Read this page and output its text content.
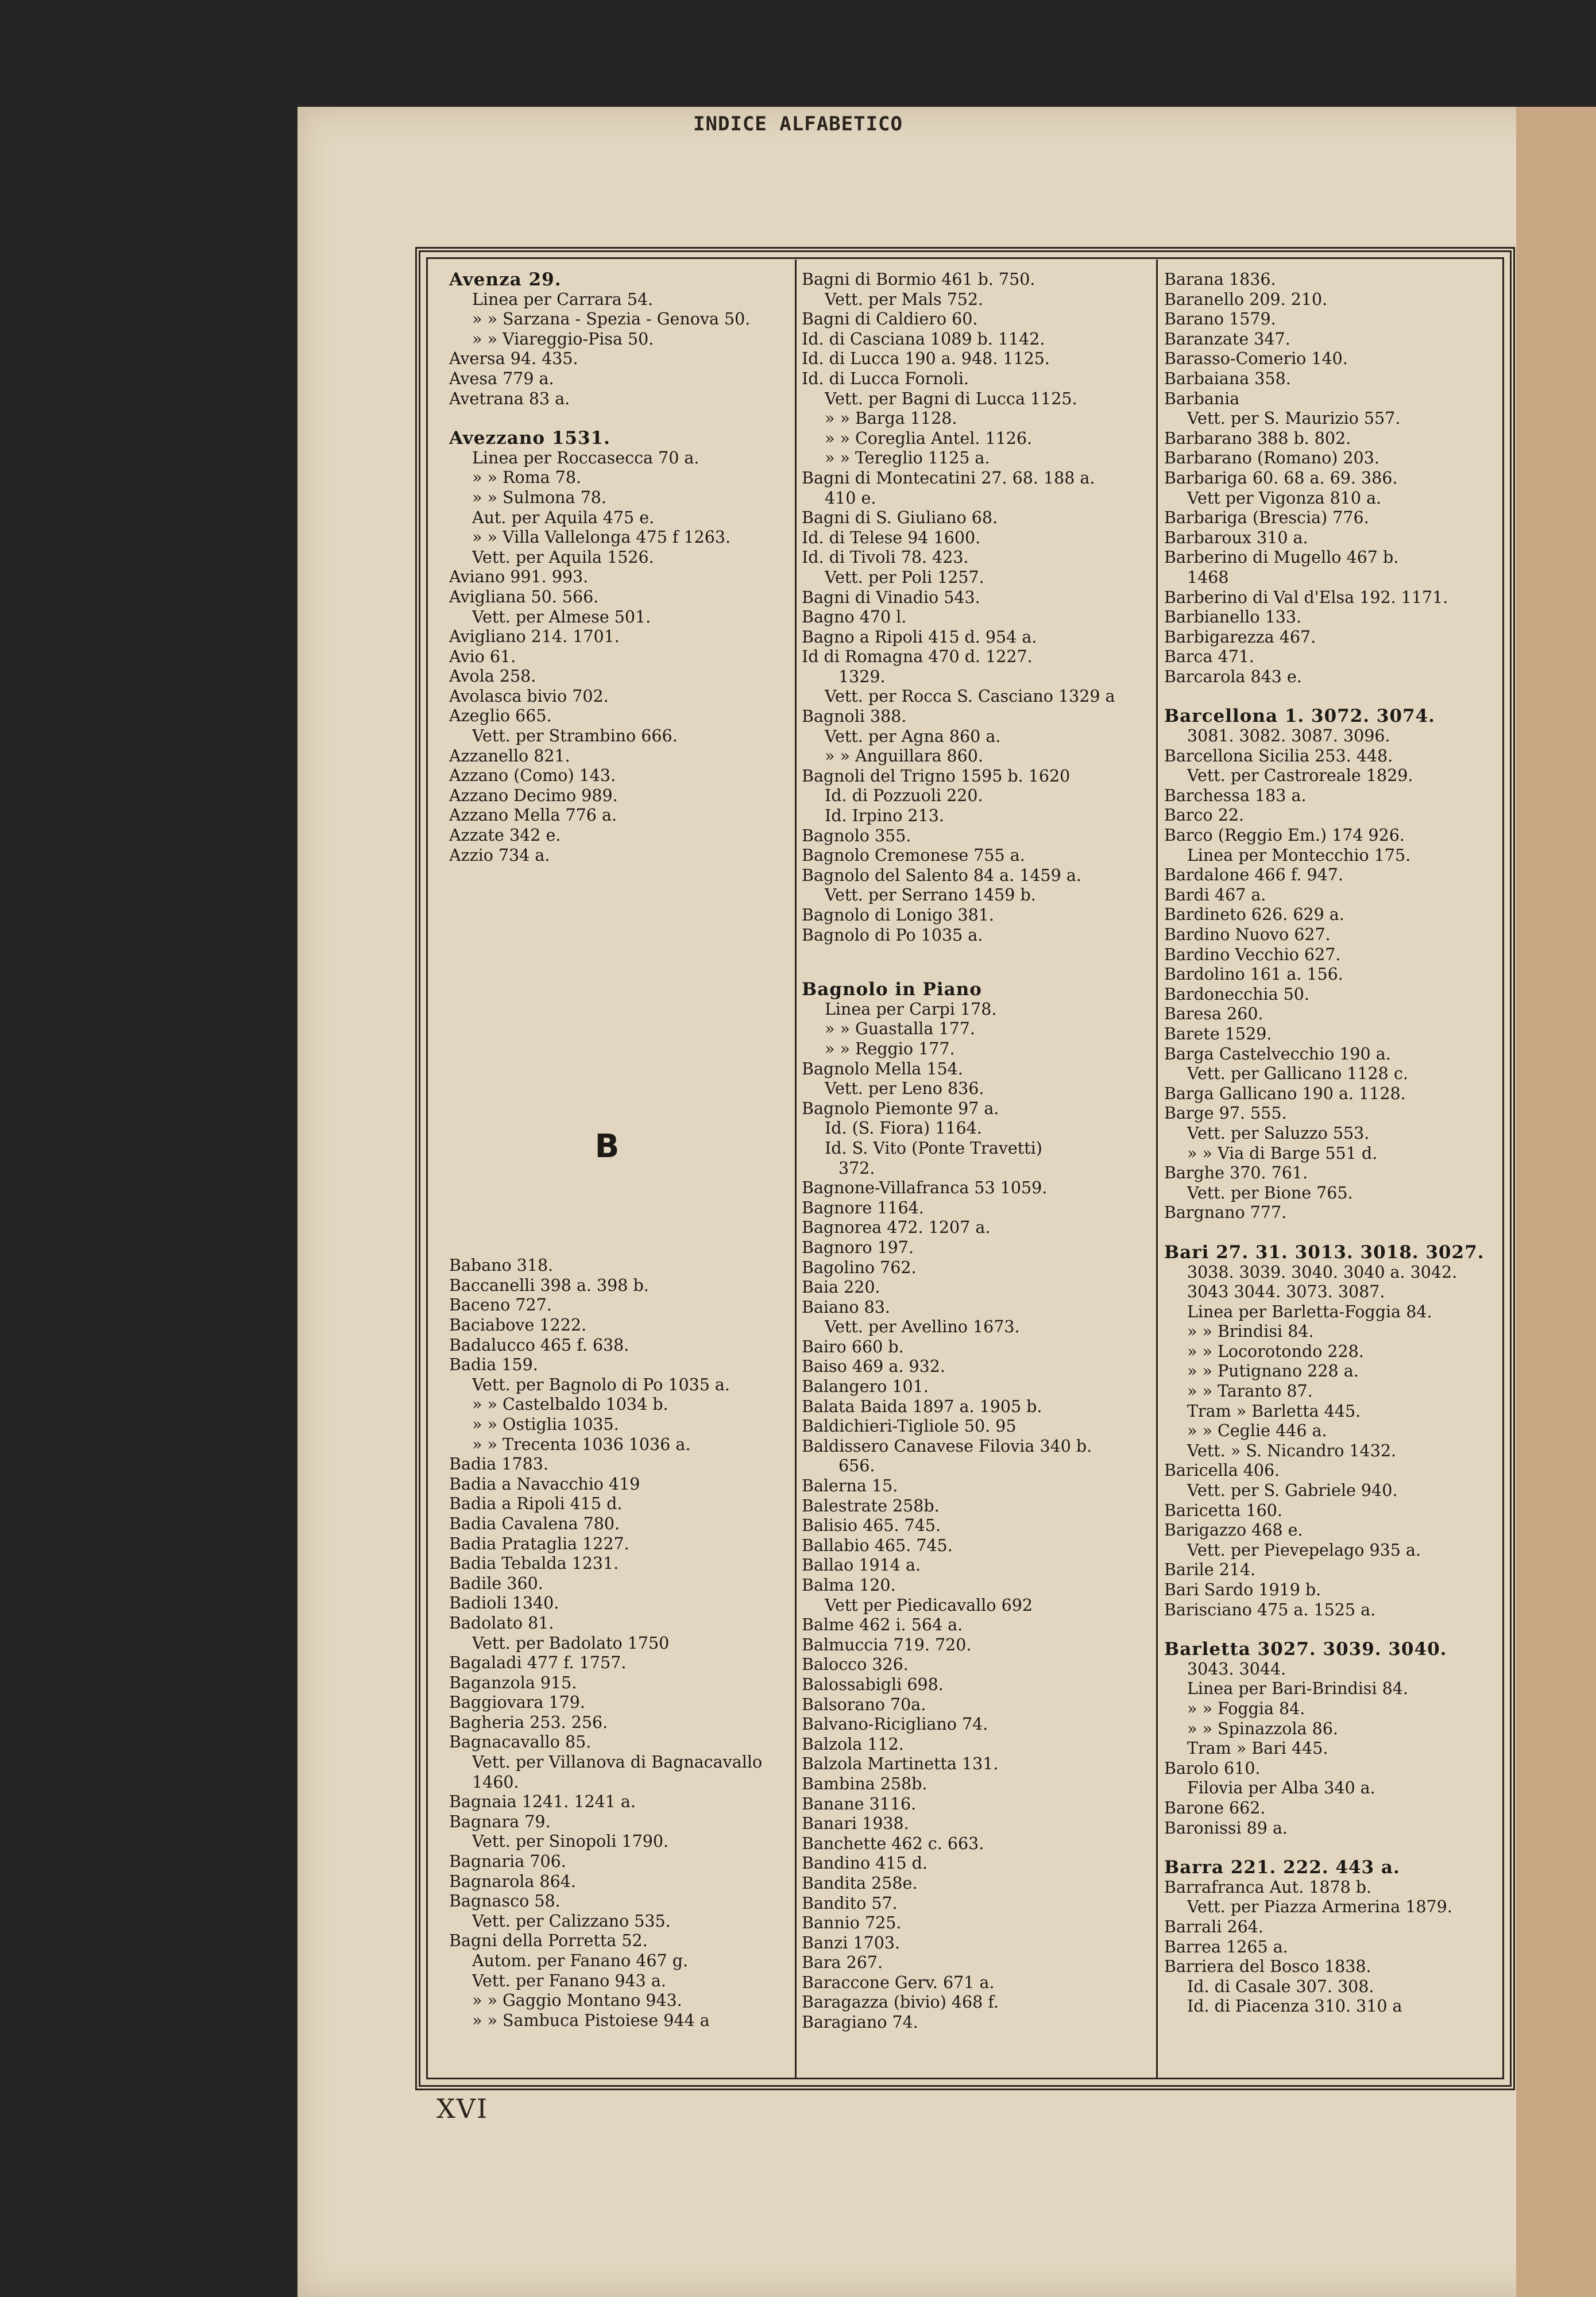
INDICE ALFABETICO
Avenza 29.
Linea per Carrara 54.
» » Sarzana - Spezia - Genova 50.
» » Viareggio-Pisa 50.
Aversa 94. 435.
Avesa 779 a.
Avetrana 83 a.
Avezzano 1531.
Linea per Roccasecca 70 a.
» » Roma 78.
» » Sulmona 78.
Aut. per Aquila 475 e.
» » Villa Vallelonga 475 f 1263.
Vett. per Aquila 1526.
Aviano 991. 993.
Avigliana 50. 566.
Vett. per Almese 501.
Avigliano 214. 1701.
Avio 61.
Avola 258.
Avolasca bivio 702.
Azeglio 665.
Vett. per Strambino 666.
Azzanello 821.
Azzano (Como) 143.
Azzano Decimo 989.
Azzano Mella 776 a.
Azzate 342 e.
Azzio 734 a.
B
Babano 318.
Baccanelli 398 a. 398 b.
Baceno 727.
Baciabove 1222.
Badalucco 465 f. 638.
Badia 159.
Vett. per Bagnolo di Po 1035 a.
» » Castelbaldo 1034 b.
» » Ostiglia 1035.
» » Trecenta 1036 1036 a.
Badia 1783.
Badia a Navacchio 419
Badia a Ripoli 415 d.
Badia Cavalena 780.
Badia Prataglia 1227.
Badia Tebalda 1231.
Badile 360.
Badioli 1340.
Badolato 81.
Vett. per Badolato 1750
Bagaladi 477 f. 1757.
Baganzola 915.
Baggiovara 179.
Bagheria 253. 256.
Bagnacavallo 85.
Vett. per Villanova di Bagnacavallo 1460.
Bagnaia 1241. 1241 a.
Bagnara 79.
Vett. per Sinopoli 1790.
Bagnaria 706.
Bagnarola 864.
Bagnasco 58.
Vett. per Calizzano 535.
Bagni della Porretta 52.
Autom. per Fanano 467 g.
Vett. per Fanano 943 a.
» » Gaggio Montano 943.
» » Sambuca Pistoiese 944 a
Bagni di Bormio 461 b. 750.
Vett. per Mals 752.
Bagni di Caldiero 60.
Id. di Casciana 1089 b. 1142.
Id. di Lucca 190 a. 948. 1125.
Id. di Lucca Fornoli.
Vett. per Bagni di Lucca 1125.
» » Barga 1128.
» » Coreglia Antel. 1126.
» » Tereglio 1125 a.
Bagni di Montecatini 27. 68. 188 a.
410 e.
Bagni di S. Giuliano 68.
Id. di Telese 94 1600.
Id. di Tivoli 78. 423.
Vett. per Poli 1257.
Bagni di Vinadio 543.
Bagno 470 l.
Bagno a Ripoli 415 d. 954 a.
Id di Romagna 470 d. 1227.
1329.
Vett. per Rocca S. Casciano 1329 a
Bagnoli 388.
Vett. per Agna 860 a.
» » Anguillara 860.
Bagnoli del Trigno 1595 b. 1620
Id. di Pozzuoli 220.
Id. Irpino 213.
Bagnolo 355.
Bagnolo Cremonese 755 a.
Bagnolo del Salento 84 a. 1459 a.
Vett. per Serrano 1459 b.
Bagnolo di Lonigo 381.
Bagnolo di Po 1035 a.
Bagnolo in Piano
Linea per Carpi 178.
» » Guastalla 177.
» » Reggio 177.
Bagnolo Mella 154.
Vett. per Leno 836.
Bagnolo Piemonte 97 a.
Id. (S. Fiora) 1164.
Id. S. Vito (Ponte Travetti)
372.
Bagnone-Villafranca 53 1059.
Bagnore 1164.
Bagnorea 472. 1207 a.
Bagnoro 197.
Bagolino 762.
Baia 220.
Baiano 83.
Vett. per Avellino 1673.
Bairo 660 b.
Baiso 469 a. 932.
Balangero 101.
Balata Baida 1897 a. 1905 b.
Baldichieri-Tigliole 50. 95
Baldissero Canavese Filovia 340 b.
656.
Balerna 15.
Balestrate 258b.
Balisio 465. 745.
Ballabio 465. 745.
Ballao 1914 a.
Balma 120.
Vett per Piedicavallo 692
Balme 462 i. 564 a.
Balmuccia 719. 720.
Balocco 326.
Balossabigli 698.
Balsorano 70a.
Balvano-Ricigliano 74.
Balzola 112.
Balzola Martinetta 131.
Bambina 258b.
Banane 3116.
Banari 1938.
Banchette 462 c. 663.
Bandino 415 d.
Bandita 258e.
Bandito 57.
Bannio 725.
Banzi 1703.
Bara 267.
Baraccone Gerv. 671 a.
Baragazza (bivio) 468 f.
Baragiano 74.
Barana 1836.
Baranello 209. 210.
Barano 1579.
Baranzate 347.
Barasso-Comerio 140.
Barbaiana 358.
Barbania
Vett. per S. Maurizio 557.
Barbarano 388 b. 802.
Barbarano (Romano) 203.
Barbariga 60. 68 a. 69. 386.
Vett per Vigonza 810 a.
Barbariga (Brescia) 776.
Barbaroux 310 a.
Barberino di Mugello 467 b.
1468
Barberino di Val d'Elsa 192. 1171.
Barbianello 133.
Barbigarezza 467.
Barca 471.
Barcarola 843 e.
Barcellona 1. 3072. 3074.
3081. 3082. 3087. 3096.
Barcellona Sicilia 253. 448.
Vett. per Castroreale 1829.
Barchessa 183 a.
Barco 22.
Barco (Reggio Em.) 174 926.
Linea per Montecchio 175.
Bardalone 466 f. 947.
Bardi 467 a.
Bardineto 626. 629 a.
Bardino Nuovo 627.
Bardino Vecchio 627.
Bardolino 161 a. 156.
Bardonecchia 50.
Baresa 260.
Barete 1529.
Barga Castelvecchio 190 a.
Vett. per Gallicano 1128 c.
Barga Gallicano 190 a. 1128.
Barge 97. 555.
Vett. per Saluzzo 553.
» » Via di Barge 551 d.
Barghe 370. 761.
Vett. per Bione 765.
Bargnano 777.
Bari 27. 31. 3013. 3018. 3027.
3038. 3039. 3040. 3040 a. 3042.
3043 3044. 3073. 3087.
Linea per Barletta-Foggia 84.
» » Brindisi 84.
» » Locorotondo 228.
» » Putignano 228 a.
» » Taranto 87.
Tram » Barletta 445.
» » Ceglie 446 a.
Vett. » S. Nicandro 1432.
Baricella 406.
Vett. per S. Gabriele 940.
Baricetta 160.
Barigazzo 468 e.
Vett. per Pievepelago 935 a.
Barile 214.
Bari Sardo 1919 b.
Barisciano 475 a. 1525 a.
Barletta 3027. 3039. 3040.
3043. 3044.
Linea per Bari-Brindisi 84.
» » Foggia 84.
» » Spinazzola 86.
Tram » Bari 445.
Barolo 610.
Filovia per Alba 340 a.
Barone 662.
Baronissi 89 a.
Barra 221. 222. 443 a.
Barrafranca Aut. 1878 b.
Vett. per Piazza Armerina 1879.
Barrali 264.
Barrea 1265 a.
Barriera del Bosco 1838.
Id. di Casale 307. 308.
Id. di Piacenza 310. 310 a
XVI
